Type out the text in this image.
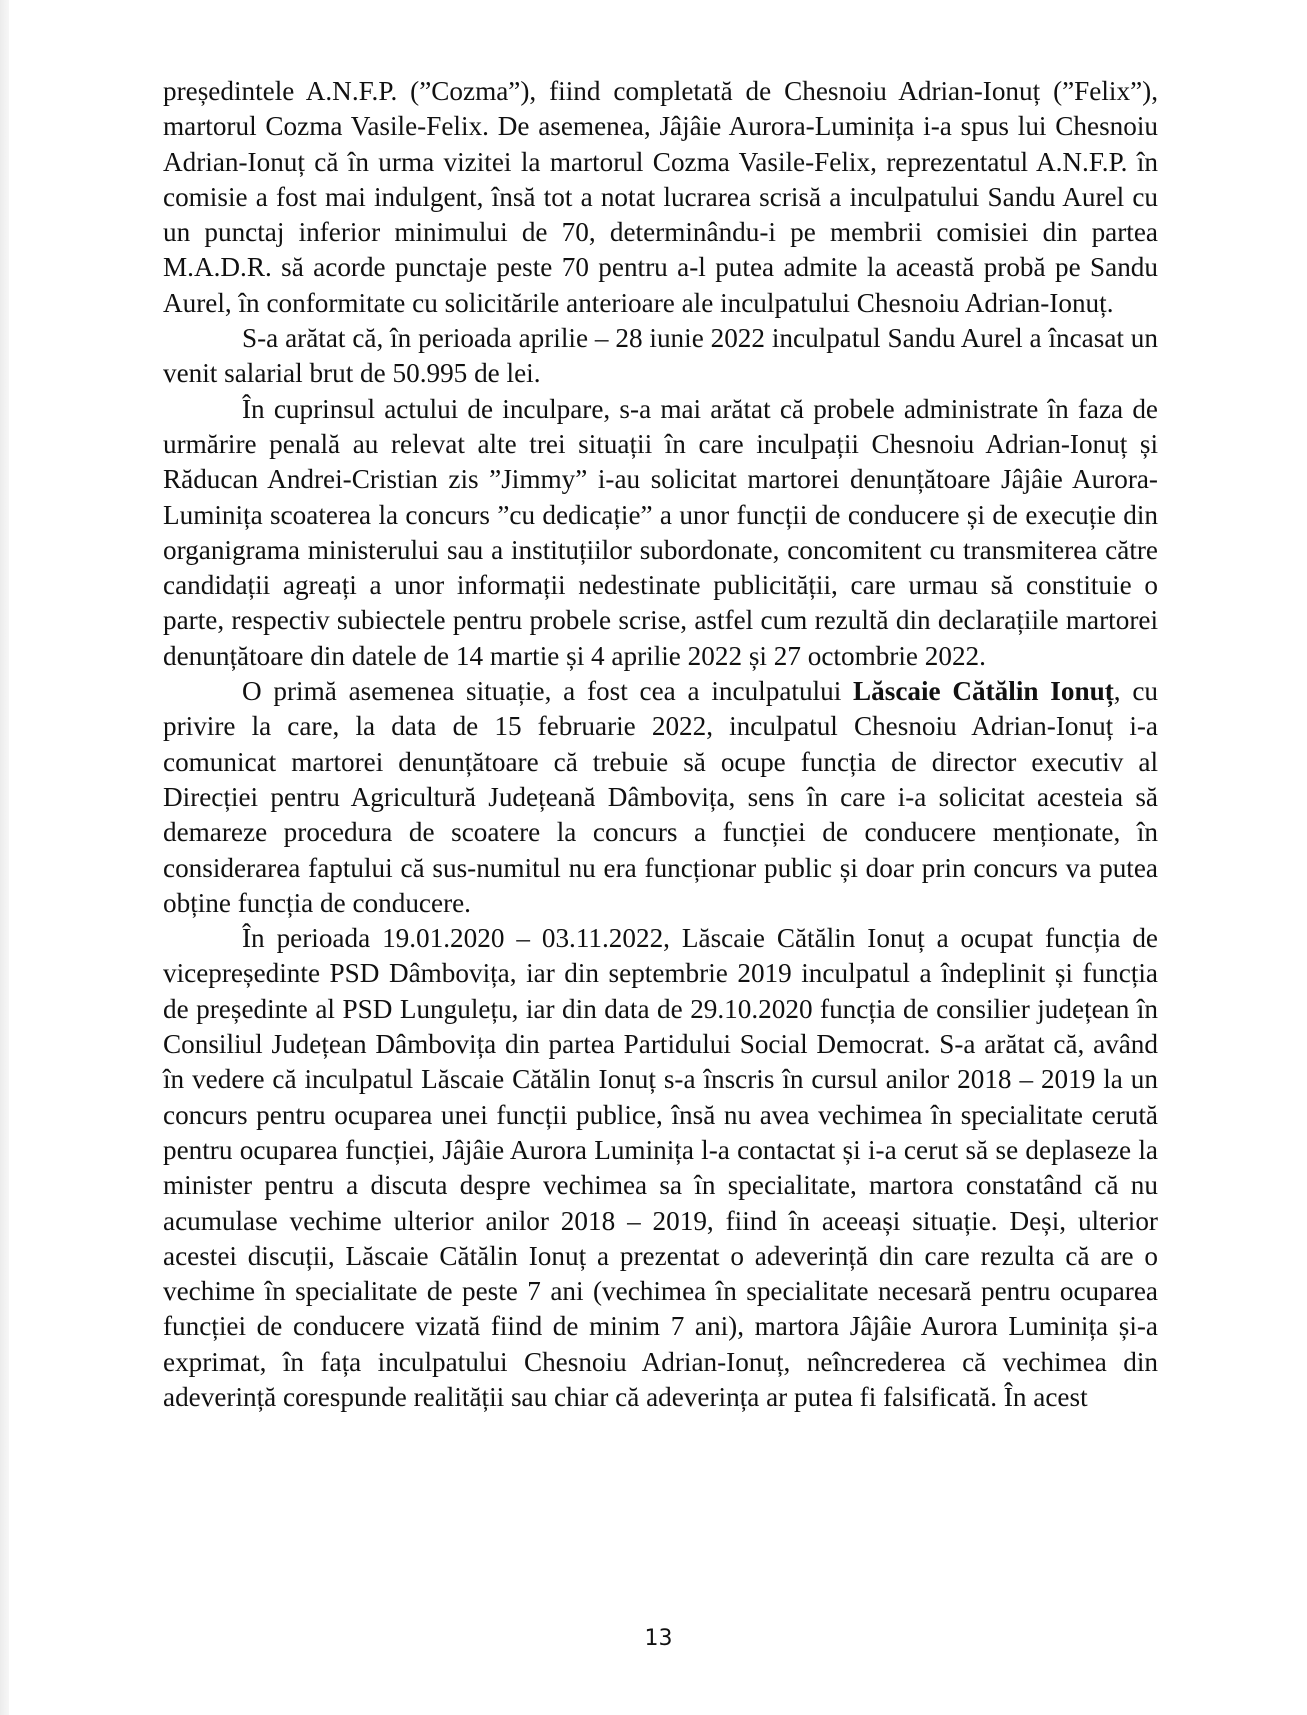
președintele A.N.F.P. (”Cozma”), fiind completată de Chesnoiu Adrian-Ionuț (”Felix”), martorul Cozma Vasile-Felix. De asemenea, Jâjâie Aurora-Luminița i-a spus lui Chesnoiu Adrian-Ionuț că în urma vizitei la martorul Cozma Vasile-Felix, reprezentatul A.N.F.P. în comisie a fost mai indulgent, însă tot a notat lucrarea scrisă a inculpatului Sandu Aurel cu un punctaj inferior minimului de 70, determinându-i pe membrii comisiei din partea M.A.D.R. să acorde punctaje peste 70 pentru a-l putea admite la această probă pe Sandu Aurel, în conformitate cu solicitările anterioare ale inculpatului Chesnoiu Adrian-Ionuț.

S-a arătat că, în perioada aprilie – 28 iunie 2022 inculpatul Sandu Aurel a încasat un venit salarial brut de 50.995 de lei.

În cuprinsul actului de inculpare, s-a mai arătat că probele administrate în faza de urmărire penală au relevat alte trei situații în care inculpații Chesnoiu Adrian-Ionuț și Răducan Andrei-Cristian zis ”Jimmy” i-au solicitat martorei denunțătoare Jâjâie Aurora-Luminița scoaterea la concurs ”cu dedicație” a unor funcții de conducere și de execuție din organigrama ministerului sau a instituțiilor subordonate, concomitent cu transmiterea către candidații agreați a unor informații nedestinate publicității, care urmau să constituie o parte, respectiv subiectele pentru probele scrise, astfel cum rezultă din declarațiile martorei denunțătoare din datele de 14 martie și 4 aprilie 2022 și 27 octombrie 2022.

O primă asemenea situație, a fost cea a inculpatului Lăscaie Cătălin Ionuț, cu privire la care, la data de 15 februarie 2022, inculpatul Chesnoiu Adrian-Ionuț i-a comunicat martorei denunțătoare că trebuie să ocupe funcția de director executiv al Direcției pentru Agricultură Județeană Dâmbovița, sens în care i-a solicitat acesteia să demareze procedura de scoatere la concurs a funcției de conducere menționate, în considerarea faptului că sus-numitul nu era funcționar public și doar prin concurs va putea obține funcția de conducere.

În perioada 19.01.2020 – 03.11.2022, Lăscaie Cătălin Ionuț a ocupat funcția de vicepreședinte PSD Dâmbovița, iar din septembrie 2019 inculpatul a îndeplinit și funcția de președinte al PSD Lungulețu, iar din data de 29.10.2020 funcția de consilier județean în Consiliul Județean Dâmbovița din partea Partidului Social Democrat. S-a arătat că, având în vedere că inculpatul Lăscaie Cătălin Ionuț s-a înscris în cursul anilor 2018 – 2019 la un concurs pentru ocuparea unei funcții publice, însă nu avea vechimea în specialitate cerută pentru ocuparea funcției, Jâjâie Aurora Luminița l-a contactat și i-a cerut să se deplaseze la minister pentru a discuta despre vechimea sa în specialitate, martora constatând că nu acumulase vechime ulterior anilor 2018 – 2019, fiind în aceeași situație. Deși, ulterior acestei discuții, Lăscaie Cătălin Ionuț a prezentat o adeverință din care rezulta că are o vechime în specialitate de peste 7 ani (vechimea în specialitate necesară pentru ocuparea funcției de conducere vizată fiind de minim 7 ani), martora Jâjâie Aurora Luminița și-a exprimat, în fața inculpatului Chesnoiu Adrian-Ionuț, neîncrederea că vechimea din adeverință corespunde realității sau chiar că adeverința ar putea fi falsificată. În acest

13
